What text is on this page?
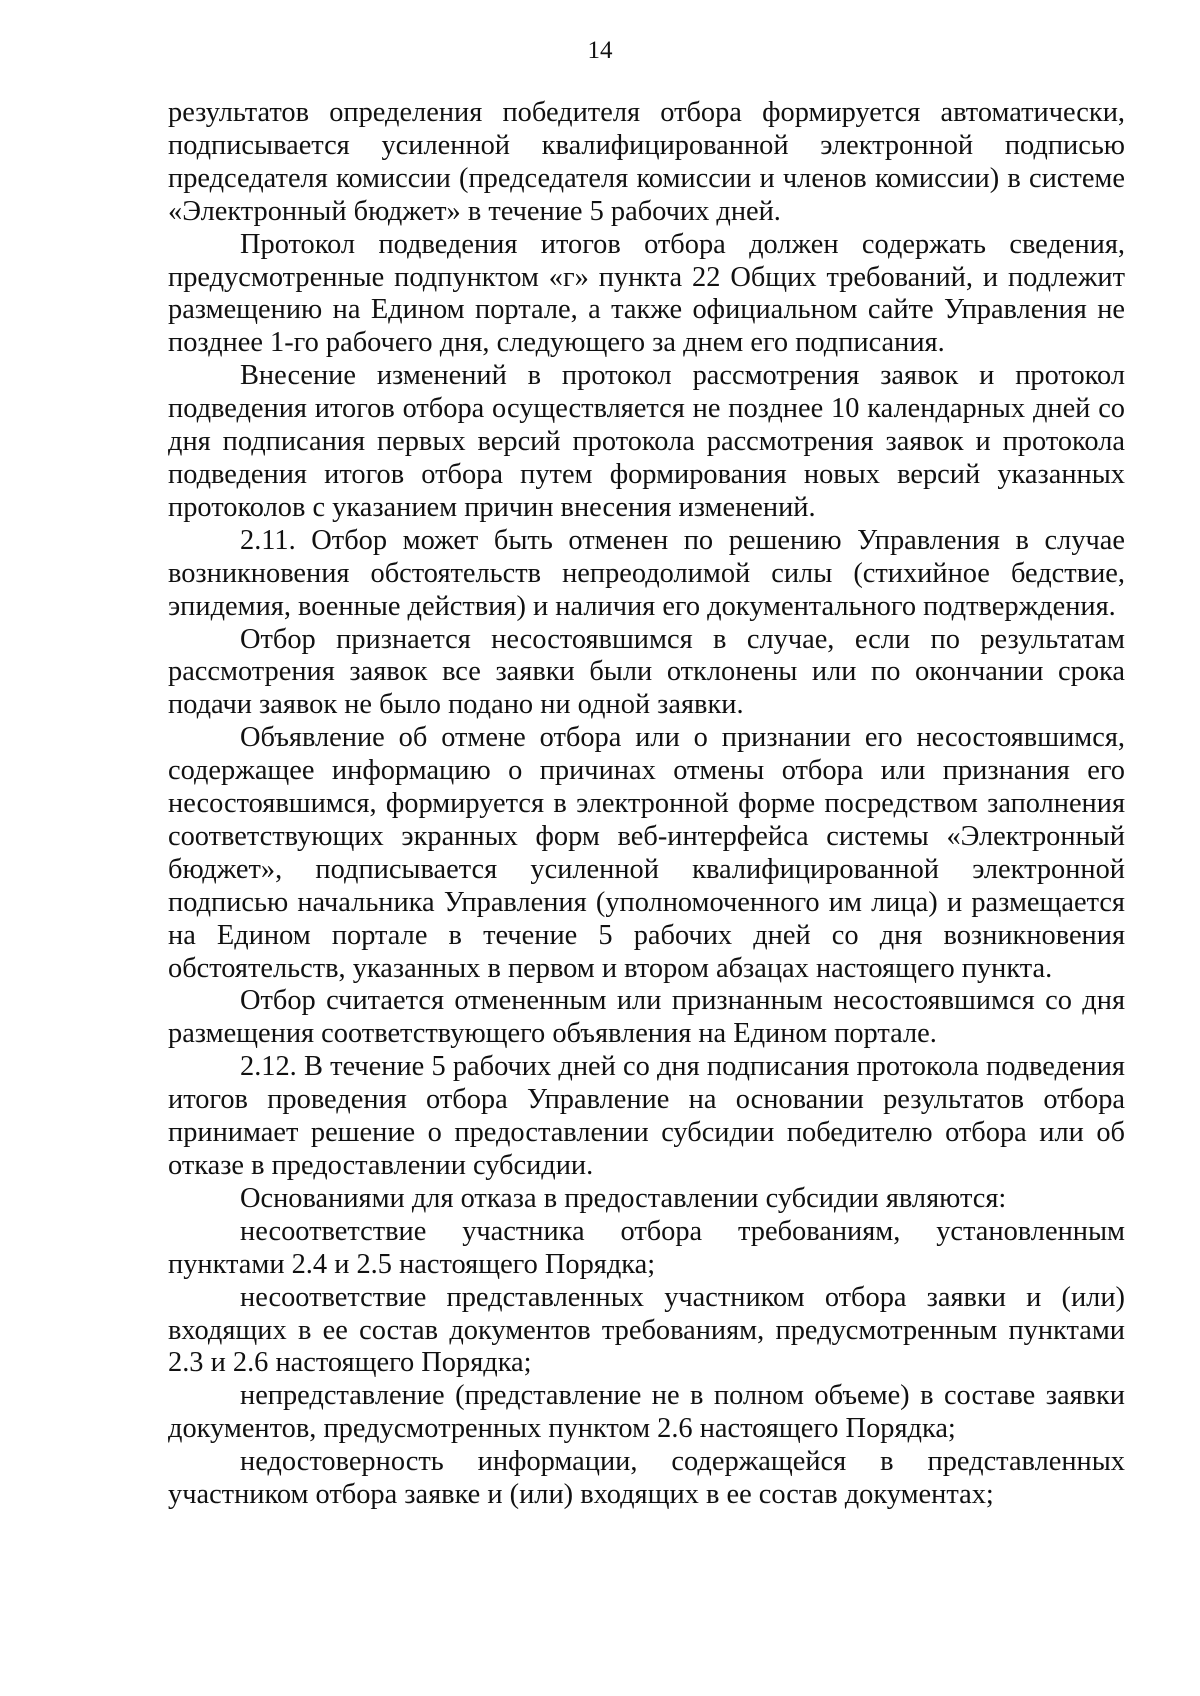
14

результатов определения победителя отбора формируется автоматически, подписывается усиленной квалифицированной электронной подписью председателя комиссии (председателя комиссии и членов комиссии) в системе «Электронный бюджет» в течение 5 рабочих дней.

Протокол подведения итогов отбора должен содержать сведения, предусмотренные подпунктом «г» пункта 22 Общих требований, и подлежит размещению на Едином портале, а также официальном сайте Управления не позднее 1-го рабочего дня, следующего за днем его подписания.

Внесение изменений в протокол рассмотрения заявок и протокол подведения итогов отбора осуществляется не позднее 10 календарных дней со дня подписания первых версий протокола рассмотрения заявок и протокола подведения итогов отбора путем формирования новых версий указанных протоколов с указанием причин внесения изменений.

2.11. Отбор может быть отменен по решению Управления в случае возникновения обстоятельств непреодолимой силы (стихийное бедствие, эпидемия, военные действия) и наличия его документального подтверждения.

Отбор признается несостоявшимся в случае, если по результатам рассмотрения заявок все заявки были отклонены или по окончании срока подачи заявок не было подано ни одной заявки.

Объявление об отмене отбора или о признании его несостоявшимся, содержащее информацию о причинах отмены отбора или признания его несостоявшимся, формируется в электронной форме посредством заполнения соответствующих экранных форм веб-интерфейса системы «Электронный бюджет», подписывается усиленной квалифицированной электронной подписью начальника Управления (уполномоченного им лица) и размещается на Едином портале в течение 5 рабочих дней со дня возникновения обстоятельств, указанных в первом и втором абзацах настоящего пункта.

Отбор считается отмененным или признанным несостоявшимся со дня размещения соответствующего объявления на Едином портале.

2.12. В течение 5 рабочих дней со дня подписания протокола подведения итогов проведения отбора Управление на основании результатов отбора принимает решение о предоставлении субсидии победителю отбора или об отказе в предоставлении субсидии.

Основаниями для отказа в предоставлении субсидии являются:

несоответствие участника отбора требованиям, установленным пунктами 2.4 и 2.5 настоящего Порядка;

несоответствие представленных участником отбора заявки и (или) входящих в ее состав документов требованиям, предусмотренным пунктами 2.3 и 2.6 настоящего Порядка;

непредставление (представление не в полном объеме) в составе заявки документов, предусмотренных пунктом 2.6 настоящего Порядка;

недостоверность информации, содержащейся в представленных участником отбора заявке и (или) входящих в ее состав документах;
